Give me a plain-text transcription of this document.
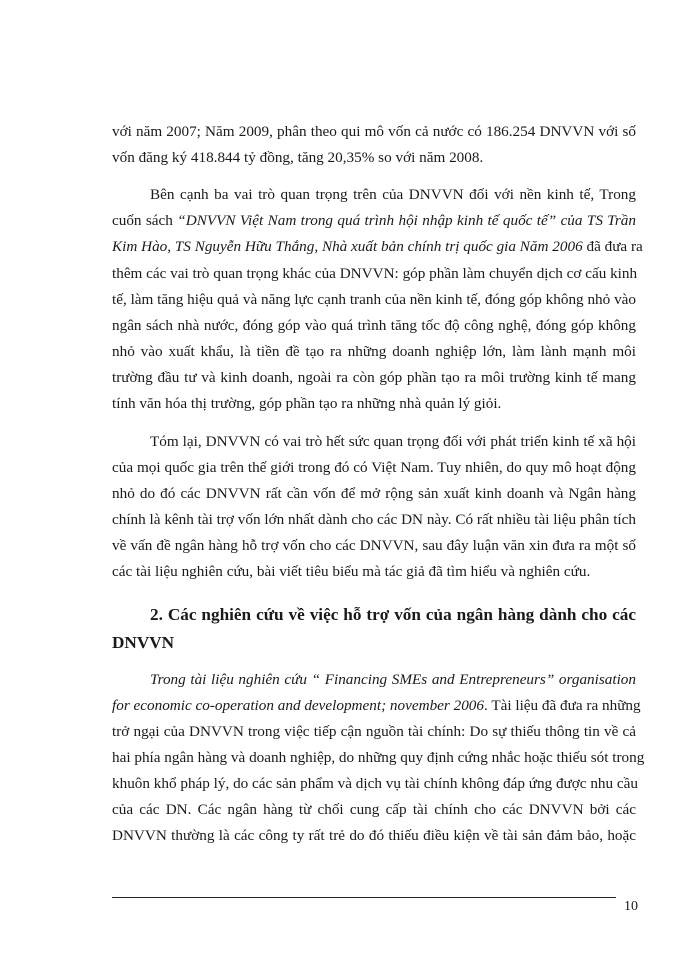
với năm 2007; Năm 2009, phân theo qui mô vốn cả nước có 186.254 DNVVN với số
vốn đăng ký 418.844 tỷ đồng, tăng 20,35% so với năm 2008.
Bên cạnh ba vai trò quan trọng trên của DNVVN đối với nền kinh tế, Trong
cuốn sách “DNVVN Việt Nam trong quá trình hội nhập kinh tế quốc tế” của TS Trần
Kim Hào, TS Nguyễn Hữu Thắng, Nhà xuất bản chính trị quốc gia Năm 2006 đã đưa ra
thêm các vai trò quan trọng khác của DNVVN: góp phần làm chuyển dịch cơ cấu kinh
tế, làm tăng hiệu quả và năng lực cạnh tranh của nền kinh tế, đóng góp không nhỏ vào
ngân sách nhà nước, đóng góp vào quá trình tăng tốc độ công nghệ, đóng góp không
nhỏ vào xuất khẩu, là tiền đề tạo ra những doanh nghiệp lớn, làm lành mạnh môi
trường đầu tư và kinh doanh, ngoài ra còn góp phần tạo ra môi trường kinh tế mang
tính văn hóa thị trường, góp phần tạo ra những nhà quản lý giỏi.
Tóm lại, DNVVN có vai trò hết sức quan trọng đối với phát triển kinh tế xã hội
của mọi quốc gia trên thế giới trong đó có Việt Nam. Tuy nhiên, do quy mô hoạt động
nhỏ do đó các DNVVN rất cần vốn để mở rộng sản xuất kinh doanh và Ngân hàng
chính là kênh tài trợ vốn lớn nhất dành cho các DN này. Có rất nhiều tài liệu phân tích
về vấn đề ngân hàng hỗ trợ vốn cho các DNVVN, sau đây luận văn xin đưa ra một số
các tài liệu nghiên cứu, bài viết tiêu biểu mà tác giả đã tìm hiểu và nghiên cứu.
2. Các nghiên cứu về việc hỗ trợ vốn của ngân hàng dành cho các
DNVVN
Trong tài liệu nghiên cứu “ Financing SMEs and Entrepreneurs” organisation
for economic co-operation and development; november 2006. Tài liệu đã đưa ra những
trở ngại của DNVVN trong việc tiếp cận nguồn tài chính: Do sự thiếu thông tin về cả
hai phía ngân hàng và doanh nghiệp, do những quy định cứng nhắc hoặc thiếu sót trong
khuôn khổ pháp lý, do các sản phẩm và dịch vụ tài chính không đáp ứng được nhu cầu
của các DN. Các ngân hàng từ chối cung cấp tài chính cho các DNVVN bởi các
DNVVN thường là các công ty rất trẻ do đó thiếu điều kiện về tài sản đảm bảo, hoặc
10
